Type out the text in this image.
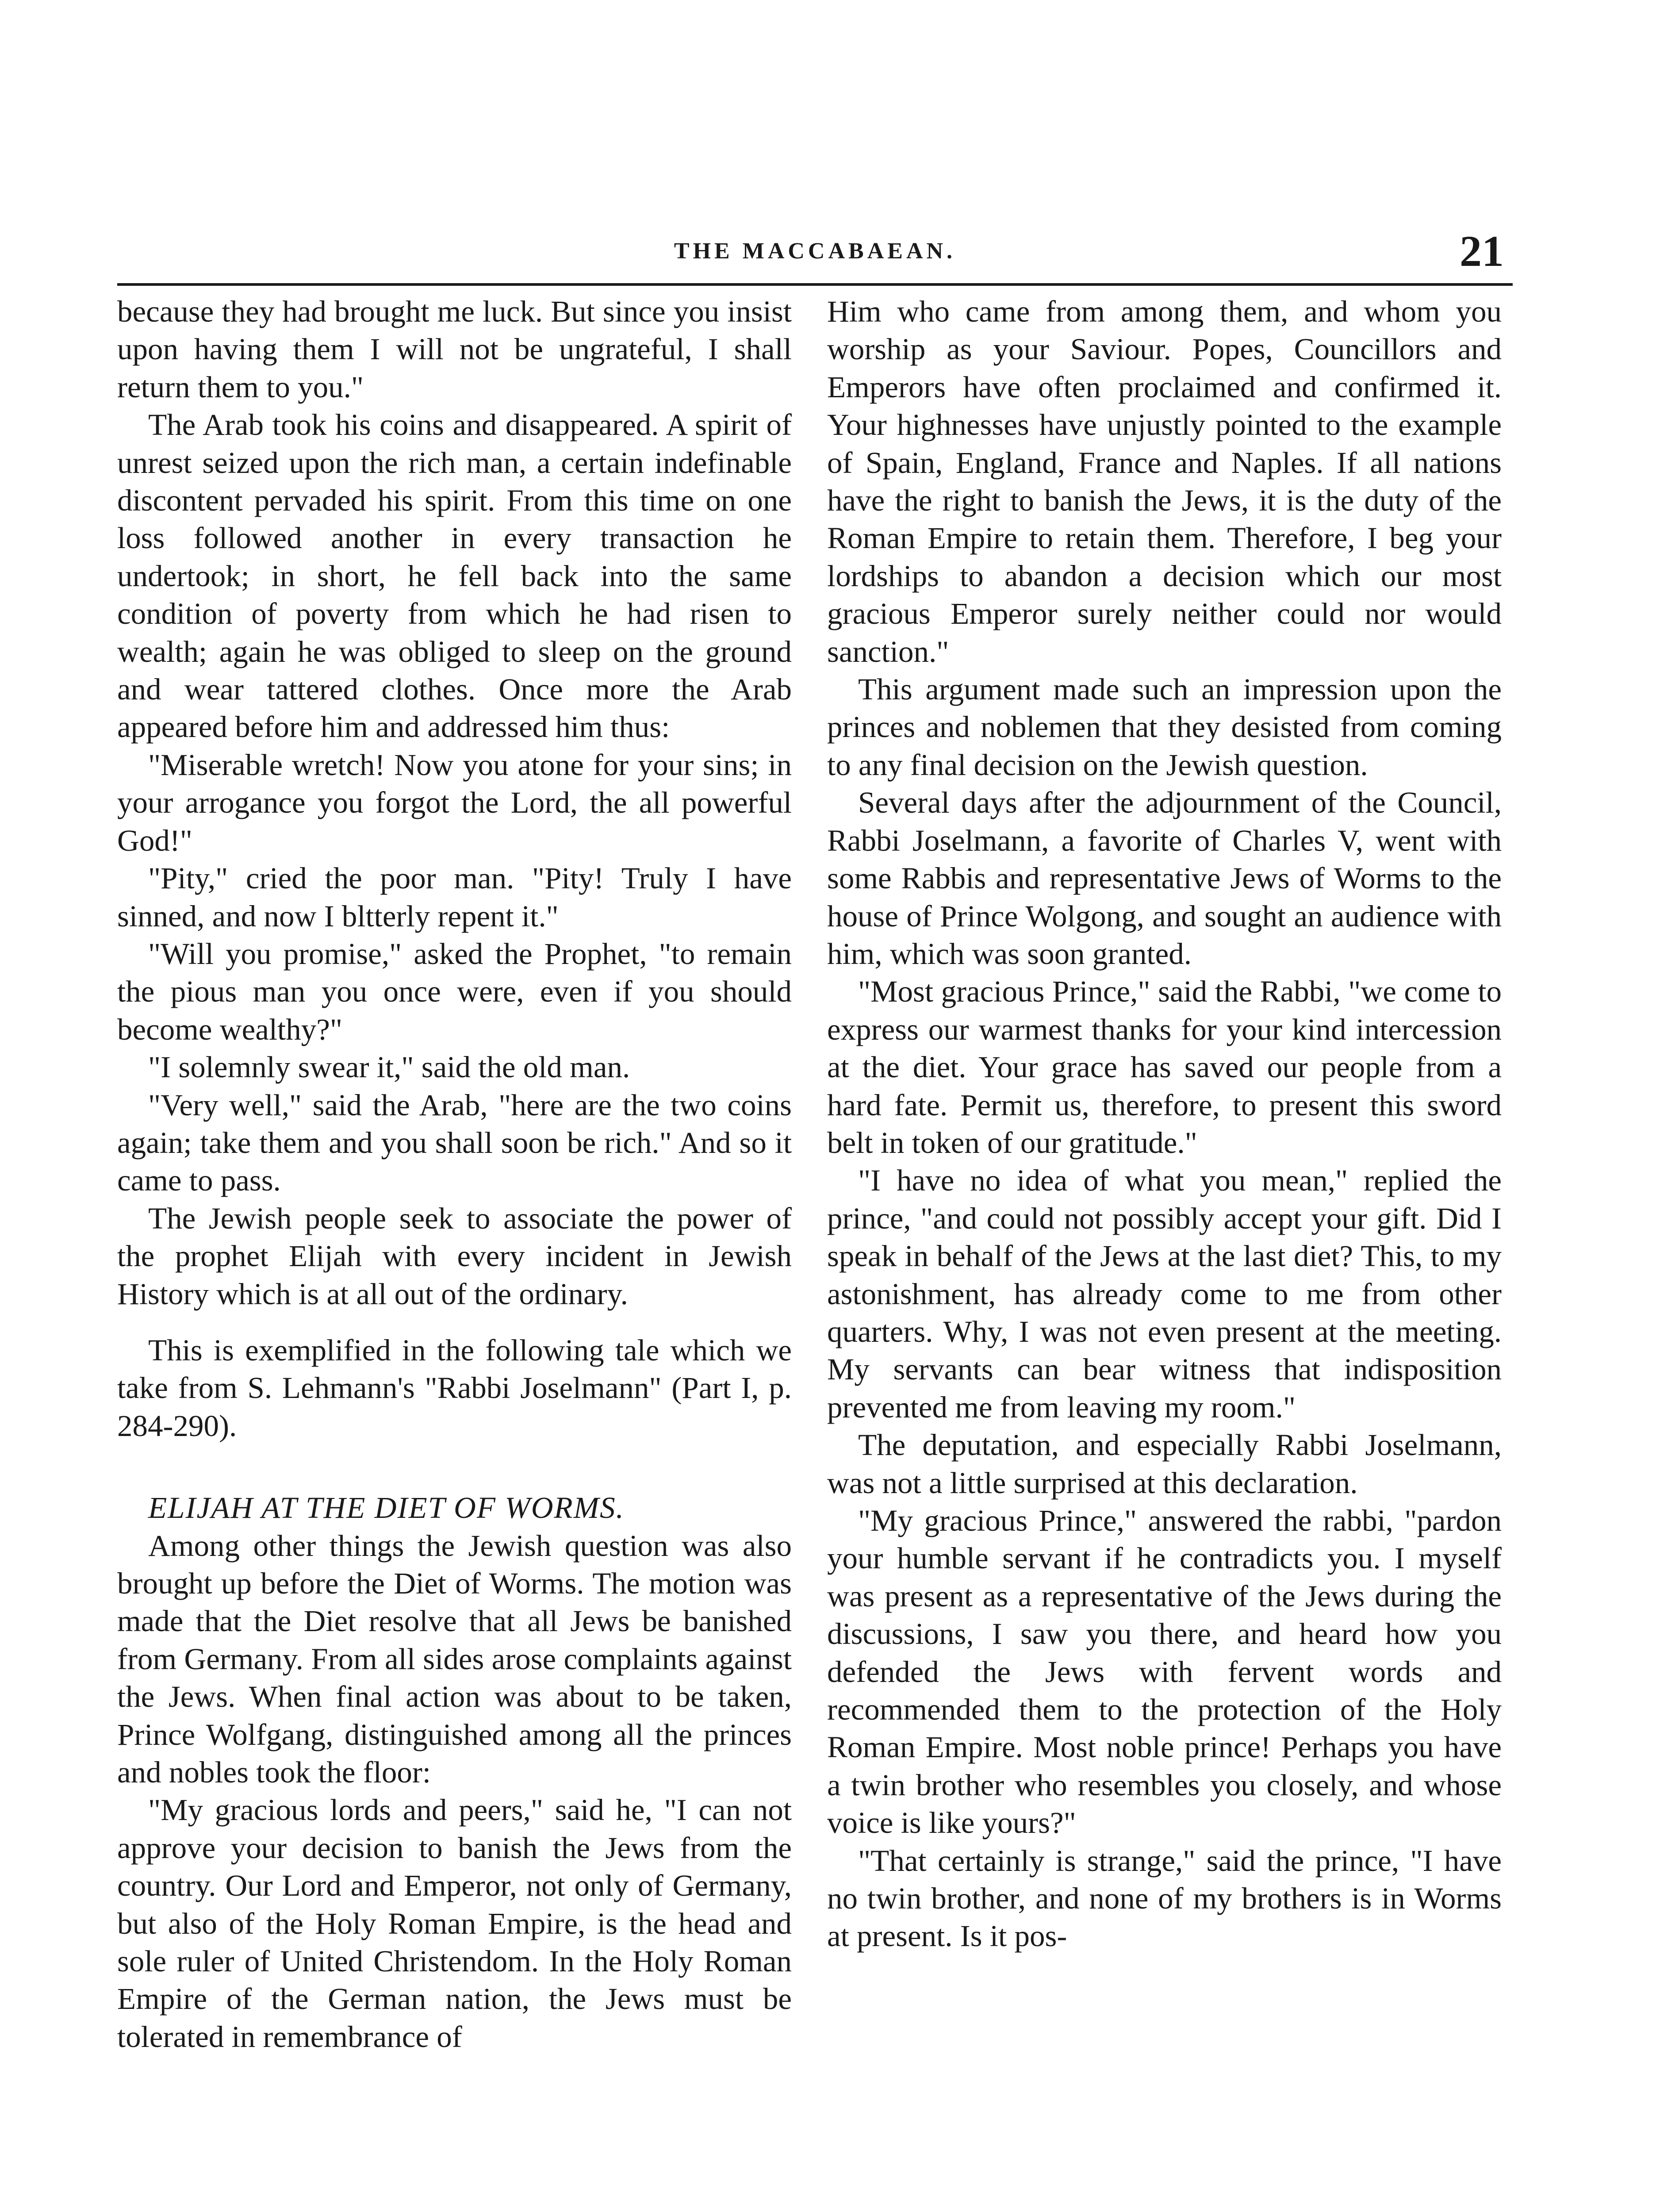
THE MACCABAEAN.	21

because they had brought me luck. But since you insist upon having them I will not be ungrateful, I shall return them to you."

The Arab took his coins and disappeared. A spirit of unrest seized upon the rich man, a certain indefinable discontent pervaded his spirit. From this time on one loss followed another in every transaction he undertook; in short, he fell back into the same condition of poverty from which he had risen to wealth; again he was obliged to sleep on the ground and wear tattered clothes. Once more the Arab appeared before him and addressed him thus:

"Miserable wretch! Now you atone for your sins; in your arrogance you forgot the Lord, the all powerful God!"

"Pity," cried the poor man. "Pity! Truly I have sinned, and now I bltterly repent it."

"Will you promise," asked the Prophet, "to remain the pious man you once were, even if you should become wealthy?"

"I solemnly swear it," said the old man.

"Very well," said the Arab, "here are the two coins again; take them and you shall soon be rich." And so it came to pass.

The Jewish people seek to associate the power of the prophet Elijah with every incident in Jewish History which is at all out of the ordinary.

This is exemplified in the following tale which we take from S. Lehmann's "Rabbi Joselmann" (Part I, p. 284-290).

ELIJAH AT THE DIET OF WORMS.

Among other things the Jewish question was also brought up before the Diet of Worms. The motion was made that the Diet resolve that all Jews be banished from Germany. From all sides arose complaints against the Jews. When final action was about to be taken, Prince Wolfgang, distinguished among all the princes and nobles took the floor:

"My gracious lords and peers," said he, "I can not approve your decision to banish the Jews from the country. Our Lord and Emperor, not only of Germany, but also of the Holy Roman Empire, is the head and sole ruler of United Christendom. In the Holy Roman Empire of the German nation, the Jews must be tolerated in remembrance of

Him who came from among them, and whom you worship as your Saviour. Popes, Councillors and Emperors have often proclaimed and confirmed it. Your highnesses have unjustly pointed to the example of Spain, England, France and Naples. If all nations have the right to banish the Jews, it is the duty of the Roman Empire to retain them. Therefore, I beg your lordships to abandon a decision which our most gracious Emperor surely neither could nor would sanction."

This argument made such an impression upon the princes and noblemen that they desisted from coming to any final decision on the Jewish question.

Several days after the adjournment of the Council, Rabbi Joselmann, a favorite of Charles V, went with some Rabbis and representative Jews of Worms to the house of Prince Wolgong, and sought an audience with him, which was soon granted.

"Most gracious Prince," said the Rabbi, "we come to express our warmest thanks for your kind intercession at the diet. Your grace has saved our people from a hard fate. Permit us, therefore, to present this sword belt in token of our gratitude."

"I have no idea of what you mean," replied the prince, "and could not possibly accept your gift. Did I speak in behalf of the Jews at the last diet? This, to my astonishment, has already come to me from other quarters. Why, I was not even present at the meeting. My servants can bear witness that indisposition prevented me from leaving my room."

The deputation, and especially Rabbi Joselmann, was not a little surprised at this declaration.

"My gracious Prince," answered the rabbi, "pardon your humble servant if he contradicts you. I myself was present as a representative of the Jews during the discussions, I saw you there, and heard how you defended the Jews with fervent words and recommended them to the protection of the Holy Roman Empire. Most noble prince! Perhaps you have a twin brother who resembles you closely, and whose voice is like yours?"

"That certainly is strange," said the prince, "I have no twin brother, and none of my brothers is in Worms at present. Is it pos-
